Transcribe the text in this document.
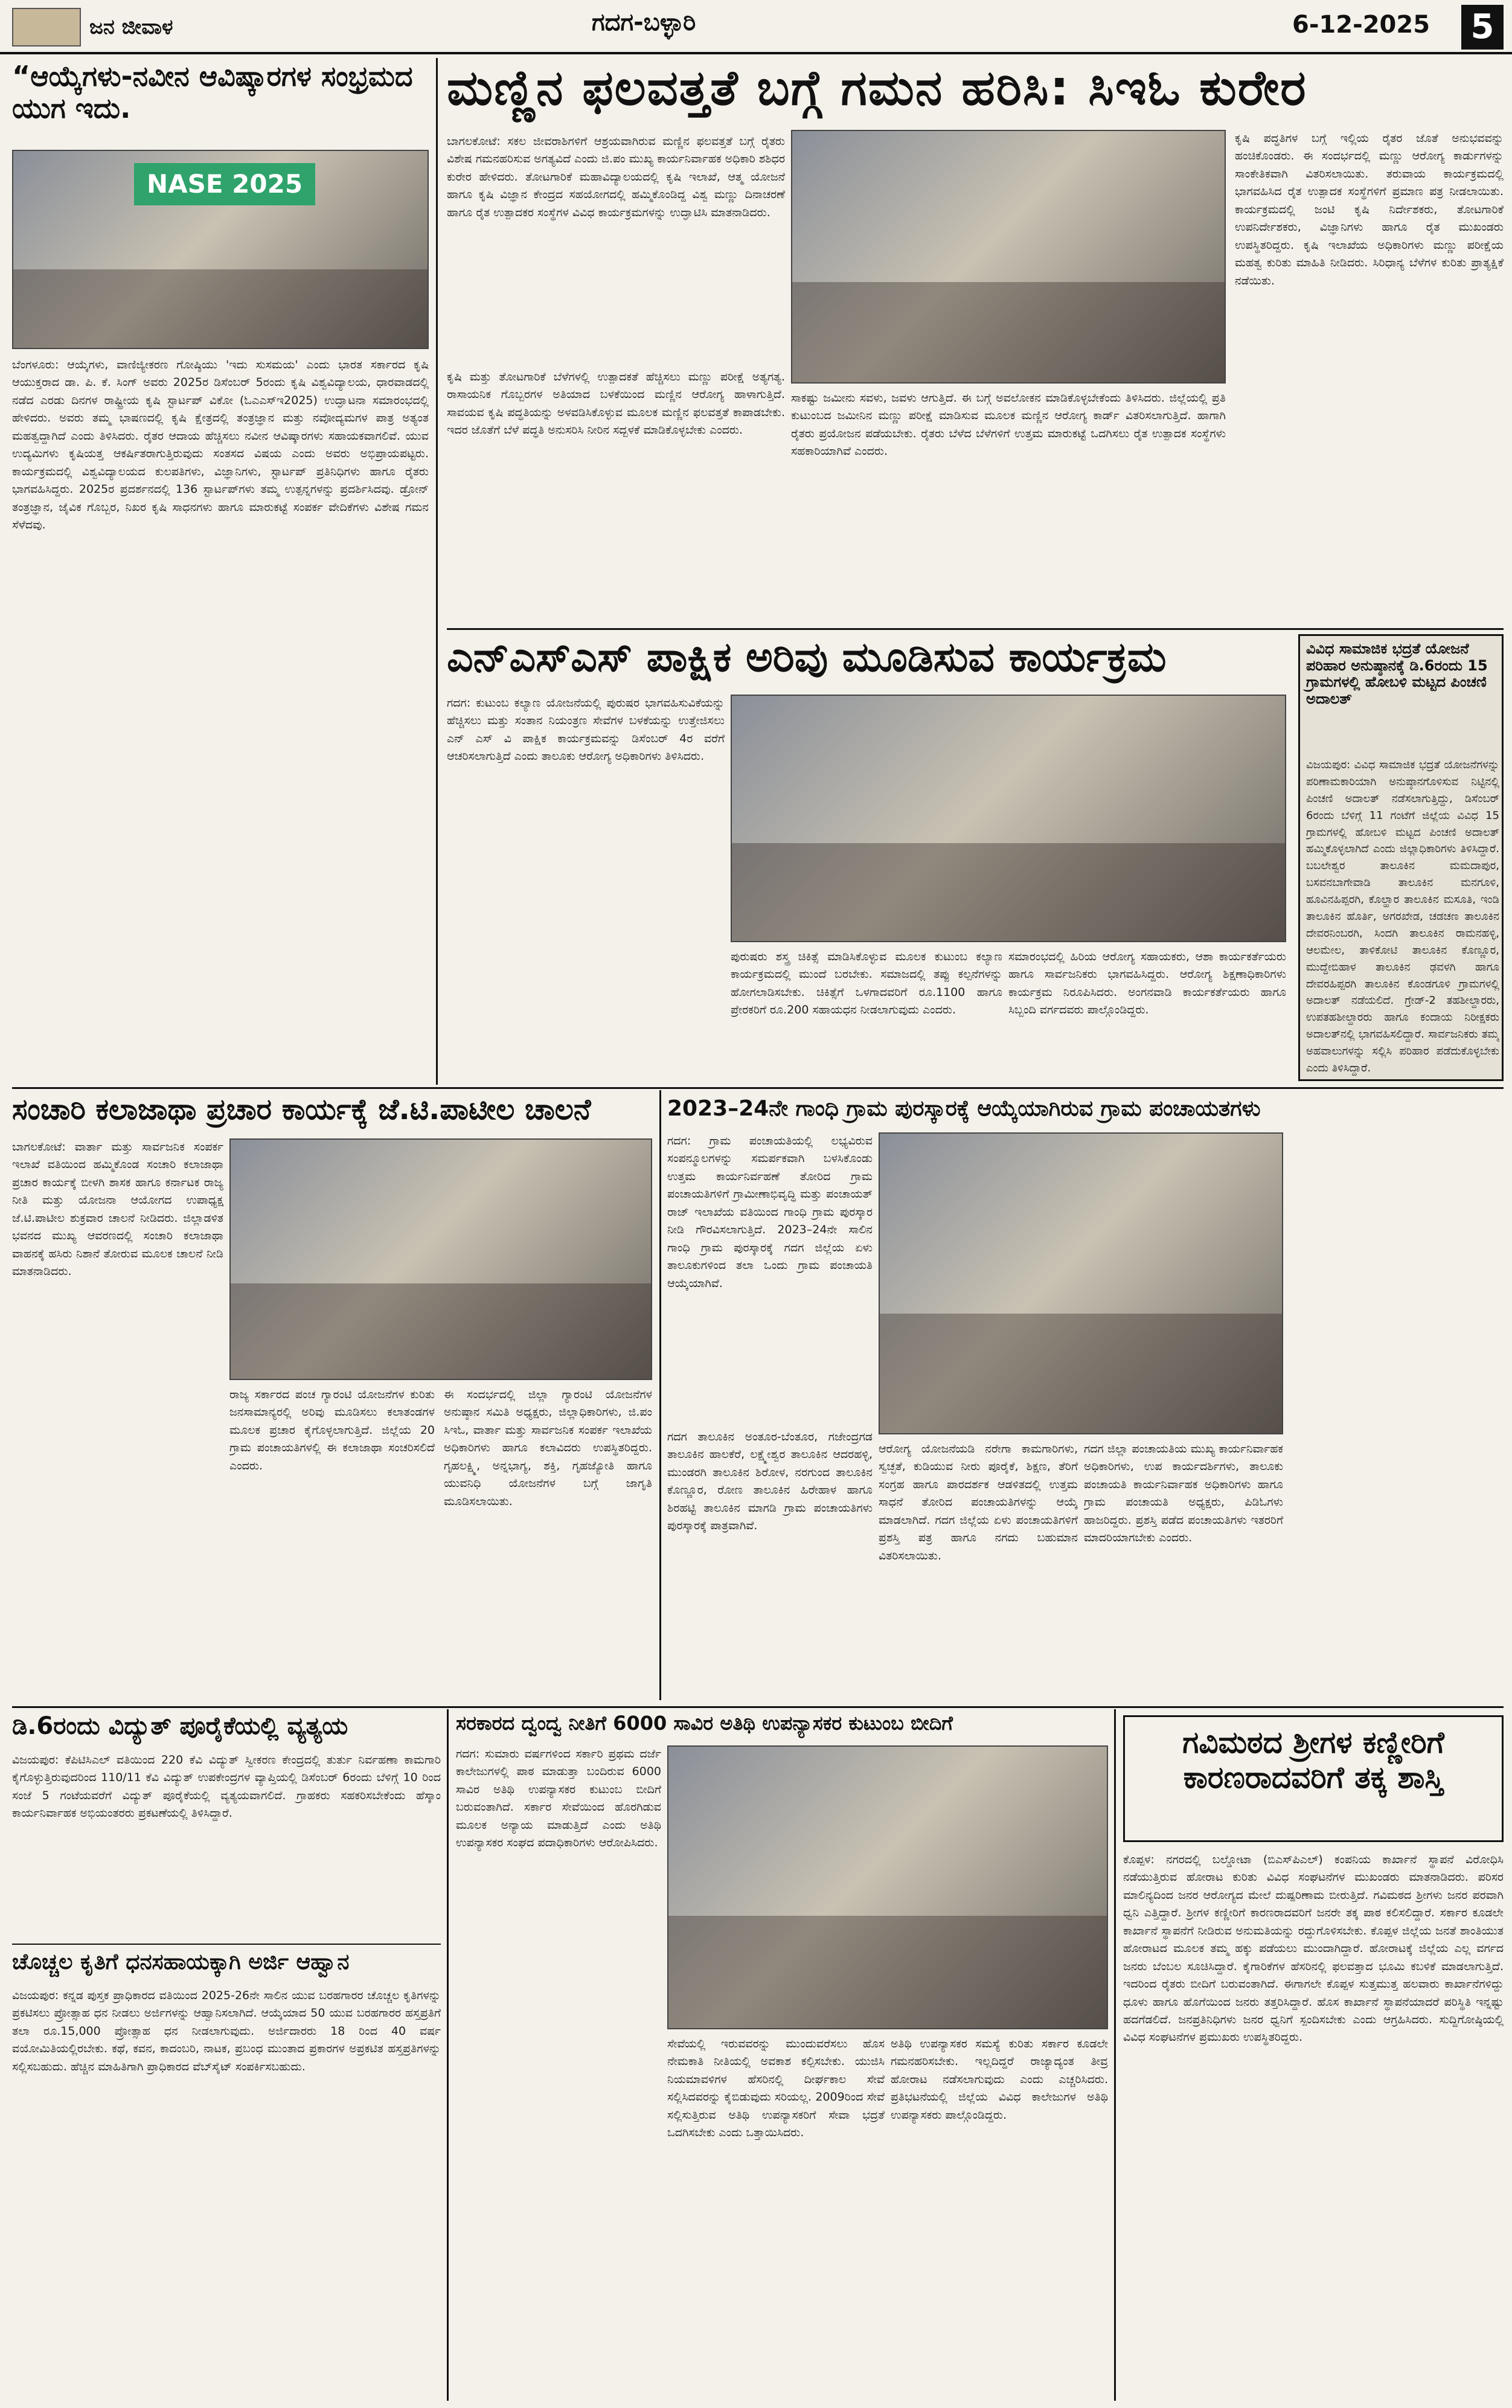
ಜನ ಜೀವಾಳ	ಗದಗ-ಬಳ್ಳಾರಿ	6-12-2025 5
“ಆಯ್ಕೆಗಳು-ನವೀನ ಆವಿಷ್ಕಾರಗಳ ಸಂಭ್ರಮದ ಯುಗ ಇದು.
NASE 2025
ಬೆಂಗಳೂರು: ಆಯ್ಕೆಗಳು, ವಾಣಿಜ್ಯೀಕರಣ ಗೋಷ್ಠಿಯು 'ಇದು ಸುಸಮಯ' ಎಂದು ಭಾರತ ಸರ್ಕಾರದ ಕೃಷಿ ಆಯುಕ್ತರಾದ ಡಾ. ಪಿ. ಕೆ. ಸಿಂಗ್ ಅವರು 2025ರ ಡಿಸೆಂಬರ್ 5ರಂದು ಕೃಷಿ ವಿಶ್ವವಿದ್ಯಾಲಯ, ಧಾರವಾಡದಲ್ಲಿ ನಡೆದ ಎರಡು ದಿನಗಳ ರಾಷ್ಟ್ರೀಯ ಕೃಷಿ ಸ್ಟಾರ್ಟಪ್ ವಿಕೋ (ಓಎಎಸ್‌ಇ2025) ಉದ್ಘಾಟನಾ ಸಮಾರಂಭದಲ್ಲಿ ಹೇಳಿದರು. ಅವರು ತಮ್ಮ ಭಾಷಣದಲ್ಲಿ ಕೃಷಿ ಕ್ಷೇತ್ರದಲ್ಲಿ ತಂತ್ರಜ್ಞಾನ ಮತ್ತು ನವೋದ್ಯಮಗಳ ಪಾತ್ರ ಅತ್ಯಂತ ಮಹತ್ವದ್ದಾಗಿದೆ ಎಂದು ತಿಳಿಸಿದರು. ರೈತರ ಆದಾಯ ಹೆಚ್ಚಿಸಲು ನವೀನ ಆವಿಷ್ಕಾರಗಳು ಸಹಾಯಕವಾಗಲಿವೆ. ಯುವ ಉದ್ಯಮಿಗಳು ಕೃಷಿಯತ್ತ ಆಕರ್ಷಿತರಾಗುತ್ತಿರುವುದು ಸಂತಸದ ವಿಷಯ ಎಂದು ಅವರು ಅಭಿಪ್ರಾಯಪಟ್ಟರು. ಕಾರ್ಯಕ್ರಮದಲ್ಲಿ ವಿಶ್ವವಿದ್ಯಾಲಯದ ಕುಲಪತಿಗಳು, ವಿಜ್ಞಾನಿಗಳು, ಸ್ಟಾರ್ಟಪ್ ಪ್ರತಿನಿಧಿಗಳು ಹಾಗೂ ರೈತರು ಭಾಗವಹಿಸಿದ್ದರು. 2025ರ ಪ್ರದರ್ಶನದಲ್ಲಿ 136 ಸ್ಟಾರ್ಟಪ್‌ಗಳು ತಮ್ಮ ಉತ್ಪನ್ನಗಳನ್ನು ಪ್ರದರ್ಶಿಸಿದವು. ಡ್ರೋನ್ ತಂತ್ರಜ್ಞಾನ, ಜೈವಿಕ ಗೊಬ್ಬರ, ನಿಖರ ಕೃಷಿ ಸಾಧನಗಳು ಹಾಗೂ ಮಾರುಕಟ್ಟೆ ಸಂಪರ್ಕ ವೇದಿಕೆಗಳು ವಿಶೇಷ ಗಮನ ಸೆಳೆದವು.
ಮಣ್ಣಿನ ಫಲವತ್ತತೆ ಬಗ್ಗೆ ಗಮನ ಹರಿಸಿ: ಸಿಇಓ ಕುರೇರ
ಬಾಗಲಕೋಟೆ: ಸಕಲ ಜೀವರಾಶಿಗಳಿಗೆ ಆಶ್ರಯವಾಗಿರುವ ಮಣ್ಣಿನ ಫಲವತ್ತತೆ ಬಗ್ಗೆ ರೈತರು ವಿಶೇಷ ಗಮನಹರಿಸುವ ಅಗತ್ಯವಿದೆ ಎಂದು ಜಿ.ಪಂ ಮುಖ್ಯ ಕಾರ್ಯನಿರ್ವಾಹಕ ಅಧಿಕಾರಿ ಶಶಿಧರ ಕುರೇರ ಹೇಳಿದರು. ತೋಟಗಾರಿಕೆ ಮಹಾವಿದ್ಯಾಲಯದಲ್ಲಿ ಕೃಷಿ ಇಲಾಖೆ, ಆತ್ಮ ಯೋಜನೆ ಹಾಗೂ ಕೃಷಿ ವಿಜ್ಞಾನ ಕೇಂದ್ರದ ಸಹಯೋಗದಲ್ಲಿ ಹಮ್ಮಿಕೊಂಡಿದ್ದ ವಿಶ್ವ ಮಣ್ಣು ದಿನಾಚರಣೆ ಹಾಗೂ ರೈತ ಉತ್ಪಾದಕರ ಸಂಸ್ಥೆಗಳ ವಿವಿಧ ಕಾರ್ಯಕ್ರಮಗಳನ್ನು ಉದ್ಘಾಟಿಸಿ ಮಾತನಾಡಿದರು.
ಕೃಷಿ ಮತ್ತು ತೋಟಗಾರಿಕೆ ಬೆಳೆಗಳಲ್ಲಿ ಉತ್ಪಾದಕತೆ ಹೆಚ್ಚಿಸಲು ಮಣ್ಣು ಪರೀಕ್ಷೆ ಅತ್ಯಗತ್ಯ. ರಾಸಾಯನಿಕ ಗೊಬ್ಬರಗಳ ಅತಿಯಾದ ಬಳಕೆಯಿಂದ ಮಣ್ಣಿನ ಆರೋಗ್ಯ ಹಾಳಾಗುತ್ತಿದೆ. ಸಾವಯವ ಕೃಷಿ ಪದ್ಧತಿಯನ್ನು ಅಳವಡಿಸಿಕೊಳ್ಳುವ ಮೂಲಕ ಮಣ್ಣಿನ ಫಲವತ್ತತೆ ಕಾಪಾಡಬೇಕು. ಇದರ ಜೊತೆಗೆ ಬೆಳೆ ಪದ್ಧತಿ ಅನುಸರಿಸಿ ನೀರಿನ ಸದ್ಬಳಕೆ ಮಾಡಿಕೊಳ್ಳಬೇಕು ಎಂದರು.
ಸಾಕಷ್ಟು ಜಮೀನು ಸವಳು, ಜವಳು ಆಗುತ್ತಿದೆ. ಈ ಬಗ್ಗೆ ಅವಲೋಕನ ಮಾಡಿಕೊಳ್ಳಬೇಕೆಂದು ತಿಳಿಸಿದರು. ಜಿಲ್ಲೆಯಲ್ಲಿ ಪ್ರತಿ ಕುಟುಂಬದ ಜಮೀನಿನ ಮಣ್ಣು ಪರೀಕ್ಷೆ ಮಾಡಿಸುವ ಮೂಲಕ ಮಣ್ಣಿನ ಆರೋಗ್ಯ ಕಾರ್ಡ್ ವಿತರಿಸಲಾಗುತ್ತಿದೆ. ಹಾಗಾಗಿ ರೈತರು ಪ್ರಯೋಜನ ಪಡೆಯಬೇಕು. ರೈತರು ಬೆಳೆದ ಬೆಳೆಗಳಿಗೆ ಉತ್ತಮ ಮಾರುಕಟ್ಟೆ ಒದಗಿಸಲು ರೈತ ಉತ್ಪಾದಕ ಸಂಸ್ಥೆಗಳು ಸಹಕಾರಿಯಾಗಿವೆ ಎಂದರು.
ಕೃಷಿ ಪದ್ಧತಿಗಳ ಬಗ್ಗೆ ಇಲ್ಲಿಯ ರೈತರ ಜೊತೆ ಅನುಭವವನ್ನು ಹಂಚಿಕೊಂಡರು. ಈ ಸಂದರ್ಭದಲ್ಲಿ ಮಣ್ಣು ಆರೋಗ್ಯ ಕಾರ್ಡುಗಳನ್ನು ಸಾಂಕೇತಿಕವಾಗಿ ವಿತರಿಸಲಾಯಿತು. ತರುವಾಯ ಕಾರ್ಯಕ್ರಮದಲ್ಲಿ ಭಾಗವಹಿಸಿದ ರೈತ ಉತ್ಪಾದಕ ಸಂಸ್ಥೆಗಳಿಗೆ ಪ್ರಮಾಣ ಪತ್ರ ನೀಡಲಾಯಿತು. ಕಾರ್ಯಕ್ರಮದಲ್ಲಿ ಜಂಟಿ ಕೃಷಿ ನಿರ್ದೇಶಕರು, ತೋಟಗಾರಿಕೆ ಉಪನಿರ್ದೇಶಕರು, ವಿಜ್ಞಾನಿಗಳು ಹಾಗೂ ರೈತ ಮುಖಂಡರು ಉಪಸ್ಥಿತರಿದ್ದರು. ಕೃಷಿ ಇಲಾಖೆಯ ಅಧಿಕಾರಿಗಳು ಮಣ್ಣು ಪರೀಕ್ಷೆಯ ಮಹತ್ವ ಕುರಿತು ಮಾಹಿತಿ ನೀಡಿದರು. ಸಿರಿಧಾನ್ಯ ಬೆಳೆಗಳ ಕುರಿತು ಪ್ರಾತ್ಯಕ್ಷಿಕೆ ನಡೆಯಿತು.
ಎನ್‌ಎಸ್‌ಎಸ್ ಪಾಕ್ಷಿಕ ಅರಿವು ಮೂಡಿಸುವ ಕಾರ್ಯಕ್ರಮ
ಗದಗ: ಕುಟುಂಬ ಕಲ್ಯಾಣ ಯೋಜನೆಯಲ್ಲಿ ಪುರುಷರ ಭಾಗವಹಿಸುವಿಕೆಯನ್ನು ಹೆಚ್ಚಿಸಲು ಮತ್ತು ಸಂತಾನ ನಿಯಂತ್ರಣ ಸೇವೆಗಳ ಬಳಕೆಯನ್ನು ಉತ್ತೇಜಿಸಲು ಎನ್ ಎಸ್ ವಿ ಪಾಕ್ಷಿಕ ಕಾರ್ಯಕ್ರಮವನ್ನು ಡಿಸೆಂಬರ್ 4ರ ವರೆಗೆ ಆಚರಿಸಲಾಗುತ್ತಿದೆ ಎಂದು ತಾಲೂಕು ಆರೋಗ್ಯ ಅಧಿಕಾರಿಗಳು ತಿಳಿಸಿದರು.
ಪುರುಷರು ಶಸ್ತ್ರ ಚಿಕಿತ್ಸೆ ಮಾಡಿಸಿಕೊಳ್ಳುವ ಮೂಲಕ ಕುಟುಂಬ ಕಲ್ಯಾಣ ಕಾರ್ಯಕ್ರಮದಲ್ಲಿ ಮುಂದೆ ಬರಬೇಕು. ಸಮಾಜದಲ್ಲಿ ತಪ್ಪು ಕಲ್ಪನೆಗಳನ್ನು ಹೋಗಲಾಡಿಸಬೇಕು. ಚಿಕಿತ್ಸೆಗೆ ಒಳಗಾದವರಿಗೆ ರೂ.1100 ಹಾಗೂ ಪ್ರೇರಕರಿಗೆ ರೂ.200 ಸಹಾಯಧನ ನೀಡಲಾಗುವುದು ಎಂದರು.
ಸಮಾರಂಭದಲ್ಲಿ ಹಿರಿಯ ಆರೋಗ್ಯ ಸಹಾಯಕರು, ಆಶಾ ಕಾರ್ಯಕರ್ತೆಯರು ಹಾಗೂ ಸಾರ್ವಜನಿಕರು ಭಾಗವಹಿಸಿದ್ದರು. ಆರೋಗ್ಯ ಶಿಕ್ಷಣಾಧಿಕಾರಿಗಳು ಕಾರ್ಯಕ್ರಮ ನಿರೂಪಿಸಿದರು. ಅಂಗನವಾಡಿ ಕಾರ್ಯಕರ್ತೆಯರು ಹಾಗೂ ಸಿಬ್ಬಂದಿ ವರ್ಗದವರು ಪಾಲ್ಗೊಂಡಿದ್ದರು.
ವಿವಿಧ ಸಾಮಾಜಿಕ ಭದ್ರತೆ ಯೋಜನೆ ಪರಿಹಾರ ಅನುಷ್ಠಾನಕ್ಕೆ ಡಿ.6ರಂದು 15 ಗ್ರಾಮಗಳಲ್ಲಿ ಹೋಬಳಿ ಮಟ್ಟದ ಪಿಂಚಣಿ ಅದಾಲತ್
ವಿಜಯಪುರ: ವಿವಿಧ ಸಾಮಾಜಿಕ ಭದ್ರತೆ ಯೋಜನೆಗಳನ್ನು ಪರಿಣಾಮಕಾರಿಯಾಗಿ ಅನುಷ್ಠಾನಗೊಳಿಸುವ ನಿಟ್ಟಿನಲ್ಲಿ ಪಿಂಚಣಿ ಅದಾಲತ್ ನಡೆಸಲಾಗುತ್ತಿದ್ದು, ಡಿಸೆಂಬರ್ 6ರಂದು ಬೆಳಿಗ್ಗೆ 11 ಗಂಟೆಗೆ ಜಿಲ್ಲೆಯ ವಿವಿಧ 15 ಗ್ರಾಮಗಳಲ್ಲಿ ಹೋಬಳಿ ಮಟ್ಟದ ಪಿಂಚಣಿ ಅದಾಲತ್ ಹಮ್ಮಿಕೊಳ್ಳಲಾಗಿದೆ ಎಂದು ಜಿಲ್ಲಾಧಿಕಾರಿಗಳು ತಿಳಿಸಿದ್ದಾರೆ. ಬಬಲೇಶ್ವರ ತಾಲೂಕಿನ ಮಮದಾಪುರ, ಬಸವನಬಾಗೇವಾಡಿ ತಾಲೂಕಿನ ಮನಗೂಳಿ, ಹೂವಿನಹಿಪ್ಪರಗಿ, ಕೊಲ್ಹಾರ ತಾಲೂಕಿನ ಮಸೂತಿ, ಇಂಡಿ ತಾಲೂಕಿನ ಹೊರ್ತಿ, ಅಗರಖೇಡ, ಚಡಚಣ ತಾಲೂಕಿನ ದೇವರನಿಂಬರಗಿ, ಸಿಂದಗಿ ತಾಲೂಕಿನ ರಾಮನಹಳ್ಳಿ, ಆಲಮೇಲ, ತಾಳಿಕೋಟಿ ತಾಲೂಕಿನ ಕೊಣ್ಣೂರ, ಮುದ್ದೇಬಿಹಾಳ ತಾಲೂಕಿನ ಢವಳಗಿ ಹಾಗೂ ದೇವರಹಿಪ್ಪರಗಿ ತಾಲೂಕಿನ ಕೊಂಡಗೂಳಿ ಗ್ರಾಮಗಳಲ್ಲಿ ಅದಾಲತ್ ನಡೆಯಲಿದೆ. ಗ್ರೇಡ್-2 ತಹಶೀಲ್ದಾರರು, ಉಪತಹಶೀಲ್ದಾರರು ಹಾಗೂ ಕಂದಾಯ ನಿರೀಕ್ಷಕರು ಅದಾಲತ್‌ನಲ್ಲಿ ಭಾಗವಹಿಸಲಿದ್ದಾರೆ. ಸಾರ್ವಜನಿಕರು ತಮ್ಮ ಅಹವಾಲುಗಳನ್ನು ಸಲ್ಲಿಸಿ ಪರಿಹಾರ ಪಡೆದುಕೊಳ್ಳಬೇಕು ಎಂದು ತಿಳಿಸಿದ್ದಾರೆ.
ಸಂಚಾರಿ ಕಲಾಜಾಥಾ ಪ್ರಚಾರ ಕಾರ್ಯಕ್ಕೆ ಜೆ.ಟಿ.ಪಾಟೀಲ ಚಾಲನೆ
ಬಾಗಲಕೋಟೆ: ವಾರ್ತಾ ಮತ್ತು ಸಾರ್ವಜನಿಕ ಸಂಪರ್ಕ ಇಲಾಖೆ ವತಿಯಿಂದ ಹಮ್ಮಿಕೊಂಡ ಸಂಚಾರಿ ಕಲಾಜಾಥಾ ಪ್ರಚಾರ ಕಾರ್ಯಕ್ಕೆ ಬೀಳಗಿ ಶಾಸಕ ಹಾಗೂ ಕರ್ನಾಟಕ ರಾಜ್ಯ ನೀತಿ ಮತ್ತು ಯೋಜನಾ ಆಯೋಗದ ಉಪಾಧ್ಯಕ್ಷ ಜೆ.ಟಿ.ಪಾಟೀಲ ಶುಕ್ರವಾರ ಚಾಲನೆ ನೀಡಿದರು. ಜಿಲ್ಲಾಡಳಿತ ಭವನದ ಮುಖ್ಯ ಆವರಣದಲ್ಲಿ ಸಂಚಾರಿ ಕಲಾಜಾಥಾ ವಾಹನಕ್ಕೆ ಹಸಿರು ನಿಶಾನೆ ತೋರುವ ಮೂಲಕ ಚಾಲನೆ ನೀಡಿ ಮಾತನಾಡಿದರು.
ರಾಜ್ಯ ಸರ್ಕಾರದ ಪಂಚ ಗ್ಯಾರಂಟಿ ಯೋಜನೆಗಳ ಕುರಿತು ಜನಸಾಮಾನ್ಯರಲ್ಲಿ ಅರಿವು ಮೂಡಿಸಲು ಕಲಾತಂಡಗಳ ಮೂಲಕ ಪ್ರಚಾರ ಕೈಗೊಳ್ಳಲಾಗುತ್ತಿದೆ. ಜಿಲ್ಲೆಯ 20 ಗ್ರಾಮ ಪಂಚಾಯತಿಗಳಲ್ಲಿ ಈ ಕಲಾಜಾಥಾ ಸಂಚರಿಸಲಿದೆ ಎಂದರು.
ಈ ಸಂದರ್ಭದಲ್ಲಿ ಜಿಲ್ಲಾ ಗ್ಯಾರಂಟಿ ಯೋಜನೆಗಳ ಅನುಷ್ಠಾನ ಸಮಿತಿ ಅಧ್ಯಕ್ಷರು, ಜಿಲ್ಲಾಧಿಕಾರಿಗಳು, ಜಿ.ಪಂ ಸಿಇಓ, ವಾರ್ತಾ ಮತ್ತು ಸಾರ್ವಜನಿಕ ಸಂಪರ್ಕ ಇಲಾಖೆಯ ಅಧಿಕಾರಿಗಳು ಹಾಗೂ ಕಲಾವಿದರು ಉಪಸ್ಥಿತರಿದ್ದರು. ಗೃಹಲಕ್ಷ್ಮಿ, ಅನ್ನಭಾಗ್ಯ, ಶಕ್ತಿ, ಗೃಹಜ್ಯೋತಿ ಹಾಗೂ ಯುವನಿಧಿ ಯೋಜನೆಗಳ ಬಗ್ಗೆ ಜಾಗೃತಿ ಮೂಡಿಸಲಾಯಿತು.
2023–24ನೇ ಗಾಂಧಿ ಗ್ರಾಮ ಪುರಸ್ಕಾರಕ್ಕೆ ಆಯ್ಕೆಯಾಗಿರುವ ಗ್ರಾಮ ಪಂಚಾಯತಗಳು
ಗದಗ: ಗ್ರಾಮ ಪಂಚಾಯತಿಯಲ್ಲಿ ಲಭ್ಯವಿರುವ ಸಂಪನ್ಮೂಲಗಳನ್ನು ಸಮರ್ಪಕವಾಗಿ ಬಳಸಿಕೊಂಡು ಉತ್ತಮ ಕಾರ್ಯನಿರ್ವಹಣೆ ತೋರಿದ ಗ್ರಾಮ ಪಂಚಾಯತಿಗಳಿಗೆ ಗ್ರಾಮೀಣಾಭಿವೃದ್ಧಿ ಮತ್ತು ಪಂಚಾಯತ್ ರಾಜ್ ಇಲಾಖೆಯ ವತಿಯಿಂದ ಗಾಂಧಿ ಗ್ರಾಮ ಪುರಸ್ಕಾರ ನೀಡಿ ಗೌರವಿಸಲಾಗುತ್ತಿದೆ. 2023–24ನೇ ಸಾಲಿನ ಗಾಂಧಿ ಗ್ರಾಮ ಪುರಸ್ಕಾರಕ್ಕೆ ಗದಗ ಜಿಲ್ಲೆಯ ಏಳು ತಾಲೂಕುಗಳಿಂದ ತಲಾ ಒಂದು ಗ್ರಾಮ ಪಂಚಾಯತಿ ಆಯ್ಕೆಯಾಗಿವೆ.
ಗದಗ ತಾಲೂಕಿನ ಅಂತೂರ-ಬೆಂತೂರ, ಗಜೇಂದ್ರಗಡ ತಾಲೂಕಿನ ಹಾಲಕೆರೆ, ಲಕ್ಷ್ಮೇಶ್ವರ ತಾಲೂಕಿನ ಆದರಹಳ್ಳಿ, ಮುಂಡರಗಿ ತಾಲೂಕಿನ ಶಿರೋಳ, ನರಗುಂದ ತಾಲೂಕಿನ ಕೊಣ್ಣೂರ, ರೋಣ ತಾಲೂಕಿನ ಹಿರೇಹಾಳ ಹಾಗೂ ಶಿರಹಟ್ಟಿ ತಾಲೂಕಿನ ಮಾಗಡಿ ಗ್ರಾಮ ಪಂಚಾಯತಿಗಳು ಪುರಸ್ಕಾರಕ್ಕೆ ಪಾತ್ರವಾಗಿವೆ.
ಆರೋಗ್ಯ ಯೋಜನೆಯಡಿ ನರೇಗಾ ಕಾಮಗಾರಿಗಳು, ಸ್ವಚ್ಛತೆ, ಕುಡಿಯುವ ನೀರು ಪೂರೈಕೆ, ಶಿಕ್ಷಣ, ತೆರಿಗೆ ಸಂಗ್ರಹ ಹಾಗೂ ಪಾರದರ್ಶಕ ಆಡಳಿತದಲ್ಲಿ ಉತ್ತಮ ಸಾಧನೆ ತೋರಿದ ಪಂಚಾಯತಿಗಳನ್ನು ಆಯ್ಕೆ ಮಾಡಲಾಗಿದೆ. ಗದಗ ಜಿಲ್ಲೆಯ ಏಳು ಪಂಚಾಯತಿಗಳಿಗೆ ಪ್ರಶಸ್ತಿ ಪತ್ರ ಹಾಗೂ ನಗದು ಬಹುಮಾನ ವಿತರಿಸಲಾಯಿತು.
ಗದಗ ಜಿಲ್ಲಾ ಪಂಚಾಯತಿಯ ಮುಖ್ಯ ಕಾರ್ಯನಿರ್ವಾಹಕ ಅಧಿಕಾರಿಗಳು, ಉಪ ಕಾರ್ಯದರ್ಶಿಗಳು, ತಾಲೂಕು ಪಂಚಾಯತಿ ಕಾರ್ಯನಿರ್ವಾಹಕ ಅಧಿಕಾರಿಗಳು ಹಾಗೂ ಗ್ರಾಮ ಪಂಚಾಯತಿ ಅಧ್ಯಕ್ಷರು, ಪಿಡಿಓಗಳು ಹಾಜರಿದ್ದರು. ಪ್ರಶಸ್ತಿ ಪಡೆದ ಪಂಚಾಯತಿಗಳು ಇತರರಿಗೆ ಮಾದರಿಯಾಗಬೇಕು ಎಂದರು.
ಡಿ.6ರಂದು ವಿದ್ಯುತ್ ಪೂರೈಕೆಯಲ್ಲಿ ವ್ಯತ್ಯಯ
ವಿಜಯಪುರ: ಕೆಪಿಟಿಸಿಎಲ್ ವತಿಯಿಂದ 220 ಕೆವಿ ವಿದ್ಯುತ್ ಸ್ವೀಕರಣ ಕೇಂದ್ರದಲ್ಲಿ ತುರ್ತು ನಿರ್ವಹಣಾ ಕಾಮಗಾರಿ ಕೈಗೊಳ್ಳುತ್ತಿರುವುದರಿಂದ 110/11 ಕೆವಿ ವಿದ್ಯುತ್ ಉಪಕೇಂದ್ರಗಳ ವ್ಯಾಪ್ತಿಯಲ್ಲಿ ಡಿಸೆಂಬರ್ 6ರಂದು ಬೆಳಿಗ್ಗೆ 10 ರಿಂದ ಸಂಜೆ 5 ಗಂಟೆಯವರೆಗೆ ವಿದ್ಯುತ್ ಪೂರೈಕೆಯಲ್ಲಿ ವ್ಯತ್ಯಯವಾಗಲಿದೆ. ಗ್ರಾಹಕರು ಸಹಕರಿಸಬೇಕೆಂದು ಹೆಸ್ಕಾಂ ಕಾರ್ಯನಿರ್ವಾಹಕ ಅಭಿಯಂತರರು ಪ್ರಕಟಣೆಯಲ್ಲಿ ತಿಳಿಸಿದ್ದಾರೆ.
ಚೊಚ್ಚಲ ಕೃತಿಗೆ ಧನಸಹಾಯಕ್ಕಾಗಿ ಅರ್ಜಿ ಆಹ್ವಾನ
ವಿಜಯಪುರ: ಕನ್ನಡ ಪುಸ್ತಕ ಪ್ರಾಧಿಕಾರದ ವತಿಯಿಂದ 2025-26ನೇ ಸಾಲಿನ ಯುವ ಬರಹಗಾರರ ಚೊಚ್ಚಲ ಕೃತಿಗಳನ್ನು ಪ್ರಕಟಿಸಲು ಪ್ರೋತ್ಸಾಹ ಧನ ನೀಡಲು ಅರ್ಜಿಗಳನ್ನು ಆಹ್ವಾನಿಸಲಾಗಿದೆ. ಆಯ್ಕೆಯಾದ 50 ಯುವ ಬರಹಗಾರರ ಹಸ್ತಪ್ರತಿಗೆ ತಲಾ ರೂ.15,000 ಪ್ರೋತ್ಸಾಹ ಧನ ನೀಡಲಾಗುವುದು. ಅರ್ಜಿದಾರರು 18 ರಿಂದ 40 ವರ್ಷ ವಯೋಮಿತಿಯಲ್ಲಿರಬೇಕು. ಕಥೆ, ಕವನ, ಕಾದಂಬರಿ, ನಾಟಕ, ಪ್ರಬಂಧ ಮುಂತಾದ ಪ್ರಕಾರಗಳ ಅಪ್ರಕಟಿತ ಹಸ್ತಪ್ರತಿಗಳನ್ನು ಸಲ್ಲಿಸಬಹುದು. ಹೆಚ್ಚಿನ ಮಾಹಿತಿಗಾಗಿ ಪ್ರಾಧಿಕಾರದ ವೆಬ್‌ಸೈಟ್ ಸಂಪರ್ಕಿಸಬಹುದು.
ಸರಕಾರದ ದ್ವಂದ್ವ ನೀತಿಗೆ 6000 ಸಾವಿರ ಅತಿಥಿ ಉಪನ್ಯಾಸಕರ ಕುಟುಂಬ ಬೀದಿಗೆ
ಗದಗ: ಸುಮಾರು ವರ್ಷಗಳಿಂದ ಸರ್ಕಾರಿ ಪ್ರಥಮ ದರ್ಜೆ ಕಾಲೇಜುಗಳಲ್ಲಿ ಪಾಠ ಮಾಡುತ್ತಾ ಬಂದಿರುವ 6000 ಸಾವಿರ ಅತಿಥಿ ಉಪನ್ಯಾಸಕರ ಕುಟುಂಬ ಬೀದಿಗೆ ಬರುವಂತಾಗಿದೆ. ಸರ್ಕಾರ ಸೇವೆಯಿಂದ ಹೊರಗಿಡುವ ಮೂಲಕ ಅನ್ಯಾಯ ಮಾಡುತ್ತಿದೆ ಎಂದು ಅತಿಥಿ ಉಪನ್ಯಾಸಕರ ಸಂಘದ ಪದಾಧಿಕಾರಿಗಳು ಆರೋಪಿಸಿದರು.
ಸೇವೆಯಲ್ಲಿ ಇರುವವರನ್ನು ಮುಂದುವರೆಸಲು ಹೊಸ ನೇಮಕಾತಿ ನೀತಿಯಲ್ಲಿ ಅವಕಾಶ ಕಲ್ಪಿಸಬೇಕು. ಯುಜಿಸಿ ನಿಯಮಾವಳಿಗಳ ಹೆಸರಿನಲ್ಲಿ ದೀರ್ಘಕಾಲ ಸೇವೆ ಸಲ್ಲಿಸಿದವರನ್ನು ಕೈಬಿಡುವುದು ಸರಿಯಲ್ಲ. 2009ರಿಂದ ಸೇವೆ ಸಲ್ಲಿಸುತ್ತಿರುವ ಅತಿಥಿ ಉಪನ್ಯಾಸಕರಿಗೆ ಸೇವಾ ಭದ್ರತೆ ಒದಗಿಸಬೇಕು ಎಂದು ಒತ್ತಾಯಿಸಿದರು.
ಅತಿಥಿ ಉಪನ್ಯಾಸಕರ ಸಮಸ್ಯೆ ಕುರಿತು ಸರ್ಕಾರ ಕೂಡಲೇ ಗಮನಹರಿಸಬೇಕು. ಇಲ್ಲದಿದ್ದರೆ ರಾಜ್ಯಾದ್ಯಂತ ತೀವ್ರ ಹೋರಾಟ ನಡೆಸಲಾಗುವುದು ಎಂದು ಎಚ್ಚರಿಸಿದರು. ಪ್ರತಿಭಟನೆಯಲ್ಲಿ ಜಿಲ್ಲೆಯ ವಿವಿಧ ಕಾಲೇಜುಗಳ ಅತಿಥಿ ಉಪನ್ಯಾಸಕರು ಪಾಲ್ಗೊಂಡಿದ್ದರು.
ಗವಿಮಠದ ಶ್ರೀಗಳ ಕಣ್ಣೀರಿಗೆ ಕಾರಣರಾದವರಿಗೆ ತಕ್ಕ ಶಾಸ್ತಿ
ಕೊಪ್ಪಳ: ನಗರದಲ್ಲಿ ಬಲ್ಡೋಟಾ (ಬಿಎಸ್‌ಪಿಎಲ್) ಕಂಪನಿಯ ಕಾರ್ಖಾನೆ ಸ್ಥಾಪನೆ ವಿರೋಧಿಸಿ ನಡೆಯುತ್ತಿರುವ ಹೋರಾಟ ಕುರಿತು ವಿವಿಧ ಸಂಘಟನೆಗಳ ಮುಖಂಡರು ಮಾತನಾಡಿದರು. ಪರಿಸರ ಮಾಲಿನ್ಯದಿಂದ ಜನರ ಆರೋಗ್ಯದ ಮೇಲೆ ದುಷ್ಪರಿಣಾಮ ಬೀರುತ್ತಿದೆ. ಗವಿಮಠದ ಶ್ರೀಗಳು ಜನರ ಪರವಾಗಿ ಧ್ವನಿ ಎತ್ತಿದ್ದಾರೆ. ಶ್ರೀಗಳ ಕಣ್ಣೀರಿಗೆ ಕಾರಣರಾದವರಿಗೆ ಜನರೇ ತಕ್ಕ ಪಾಠ ಕಲಿಸಲಿದ್ದಾರೆ. ಸರ್ಕಾರ ಕೂಡಲೇ ಕಾರ್ಖಾನೆ ಸ್ಥಾಪನೆಗೆ ನೀಡಿರುವ ಅನುಮತಿಯನ್ನು ರದ್ದುಗೊಳಿಸಬೇಕು. ಕೊಪ್ಪಳ ಜಿಲ್ಲೆಯ ಜನತೆ ಶಾಂತಿಯುತ ಹೋರಾಟದ ಮೂಲಕ ತಮ್ಮ ಹಕ್ಕು ಪಡೆಯಲು ಮುಂದಾಗಿದ್ದಾರೆ. ಹೋರಾಟಕ್ಕೆ ಜಿಲ್ಲೆಯ ಎಲ್ಲ ವರ್ಗದ ಜನರು ಬೆಂಬಲ ಸೂಚಿಸಿದ್ದಾರೆ. ಕೈಗಾರಿಕೆಗಳ ಹೆಸರಿನಲ್ಲಿ ಫಲವತ್ತಾದ ಭೂಮಿ ಕಬಳಿಕೆ ಮಾಡಲಾಗುತ್ತಿದೆ. ಇದರಿಂದ ರೈತರು ಬೀದಿಗೆ ಬರುವಂತಾಗಿದೆ. ಈಗಾಗಲೇ ಕೊಪ್ಪಳ ಸುತ್ತಮುತ್ತ ಹಲವಾರು ಕಾರ್ಖಾನೆಗಳಿದ್ದು ಧೂಳು ಹಾಗೂ ಹೊಗೆಯಿಂದ ಜನರು ತತ್ತರಿಸಿದ್ದಾರೆ. ಹೊಸ ಕಾರ್ಖಾನೆ ಸ್ಥಾಪನೆಯಾದರೆ ಪರಿಸ್ಥಿತಿ ಇನ್ನಷ್ಟು ಹದಗೆಡಲಿದೆ. ಜನಪ್ರತಿನಿಧಿಗಳು ಜನರ ಧ್ವನಿಗೆ ಸ್ಪಂದಿಸಬೇಕು ಎಂದು ಆಗ್ರಹಿಸಿದರು. ಸುದ್ದಿಗೋಷ್ಠಿಯಲ್ಲಿ ವಿವಿಧ ಸಂಘಟನೆಗಳ ಪ್ರಮುಖರು ಉಪಸ್ಥಿತರಿದ್ದರು.
